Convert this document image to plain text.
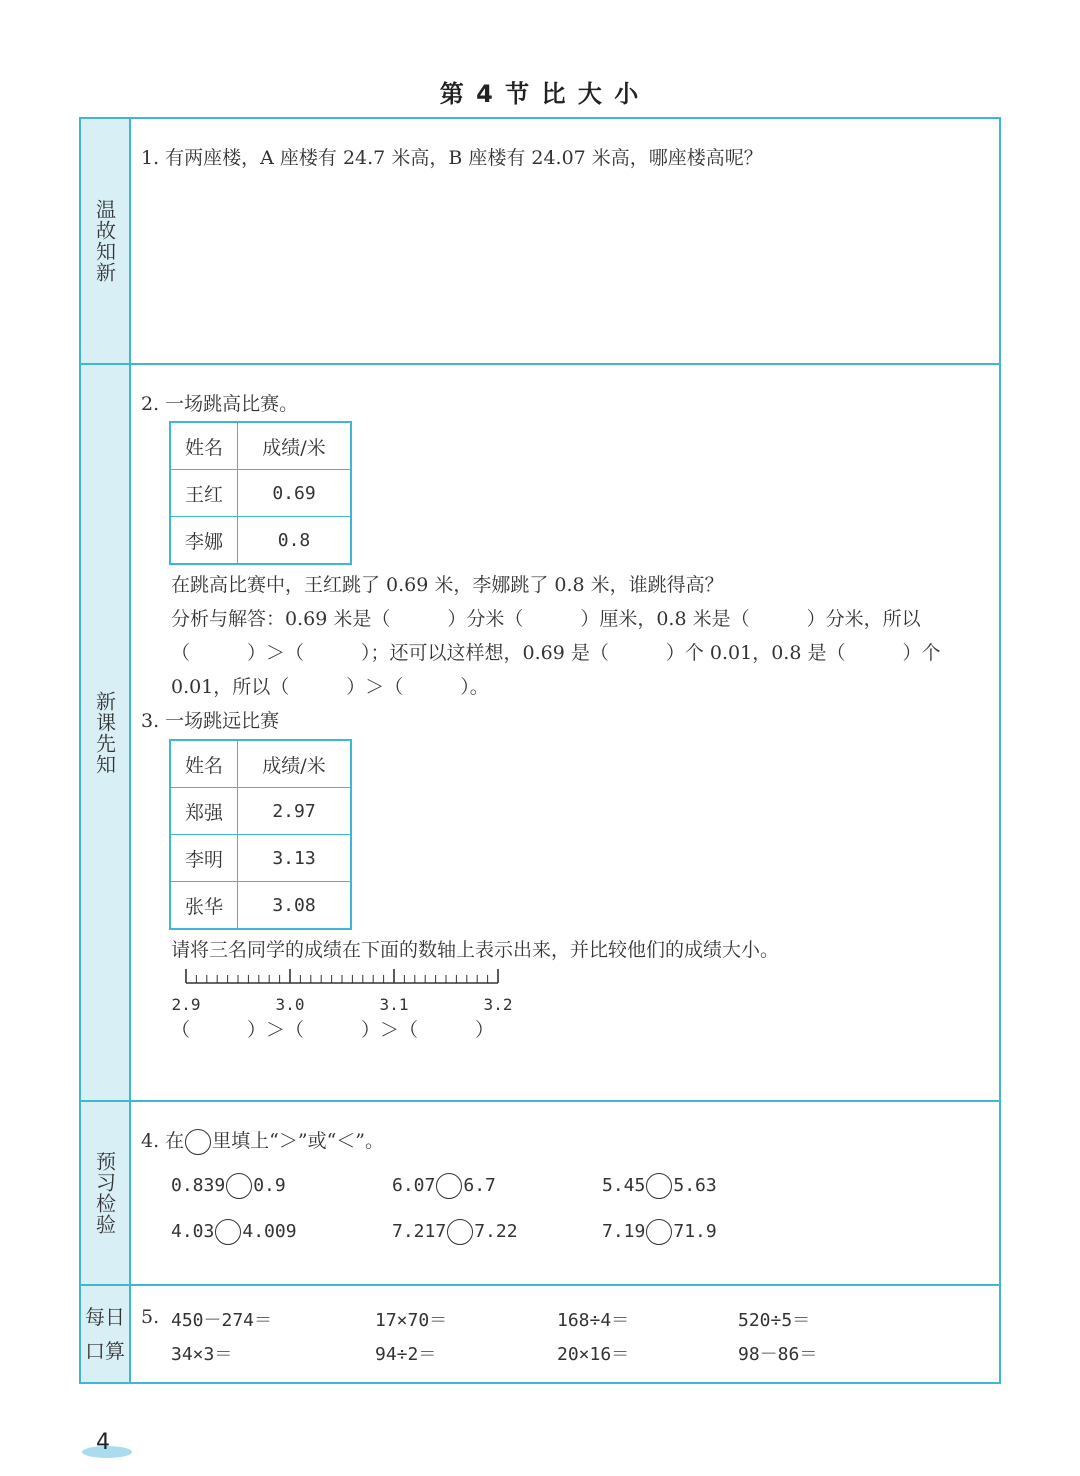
第 4 节 比 大 小
温故知新
1. 有两座楼，A 座楼有 24.7 米高，B 座楼有 24.07 米高，哪座楼高呢？
新课先知
2. 一场跳高比赛。
姓名	成绩/米
王红	0.69
李娜	0.8
在跳高比赛中，王红跳了 0.69 米，李娜跳了 0.8 米，谁跳得高？
分析与解答：0.69 米是（　　　）分米（　　　）厘米，0.8 米是（　　　）分米，所以
（　　　）＞（　　　）；还可以这样想，0.69 是（　　　）个 0.01，0.8 是（　　　）个
0.01，所以（　　　）＞（　　　）。
3. 一场跳远比赛
姓名	成绩/米
郑强	2.97
李明	3.13
张华	3.08
请将三名同学的成绩在下面的数轴上表示出来，并比较他们的成绩大小。
2.9	3.0	3.1	3.2
（　　　）＞（　　　）＞（　　　）
预习检验
4. 在 里填上“＞”或“＜”。
0.839 0.9	6.07 6.7	5.45 5.63
4.03 4.009	7.217 7.22	7.19 71.9
每日
口算
5. 450－274＝	17×70＝	168÷4＝	520÷5＝
34×3＝	94÷2＝	20×16＝	98－86＝
4
